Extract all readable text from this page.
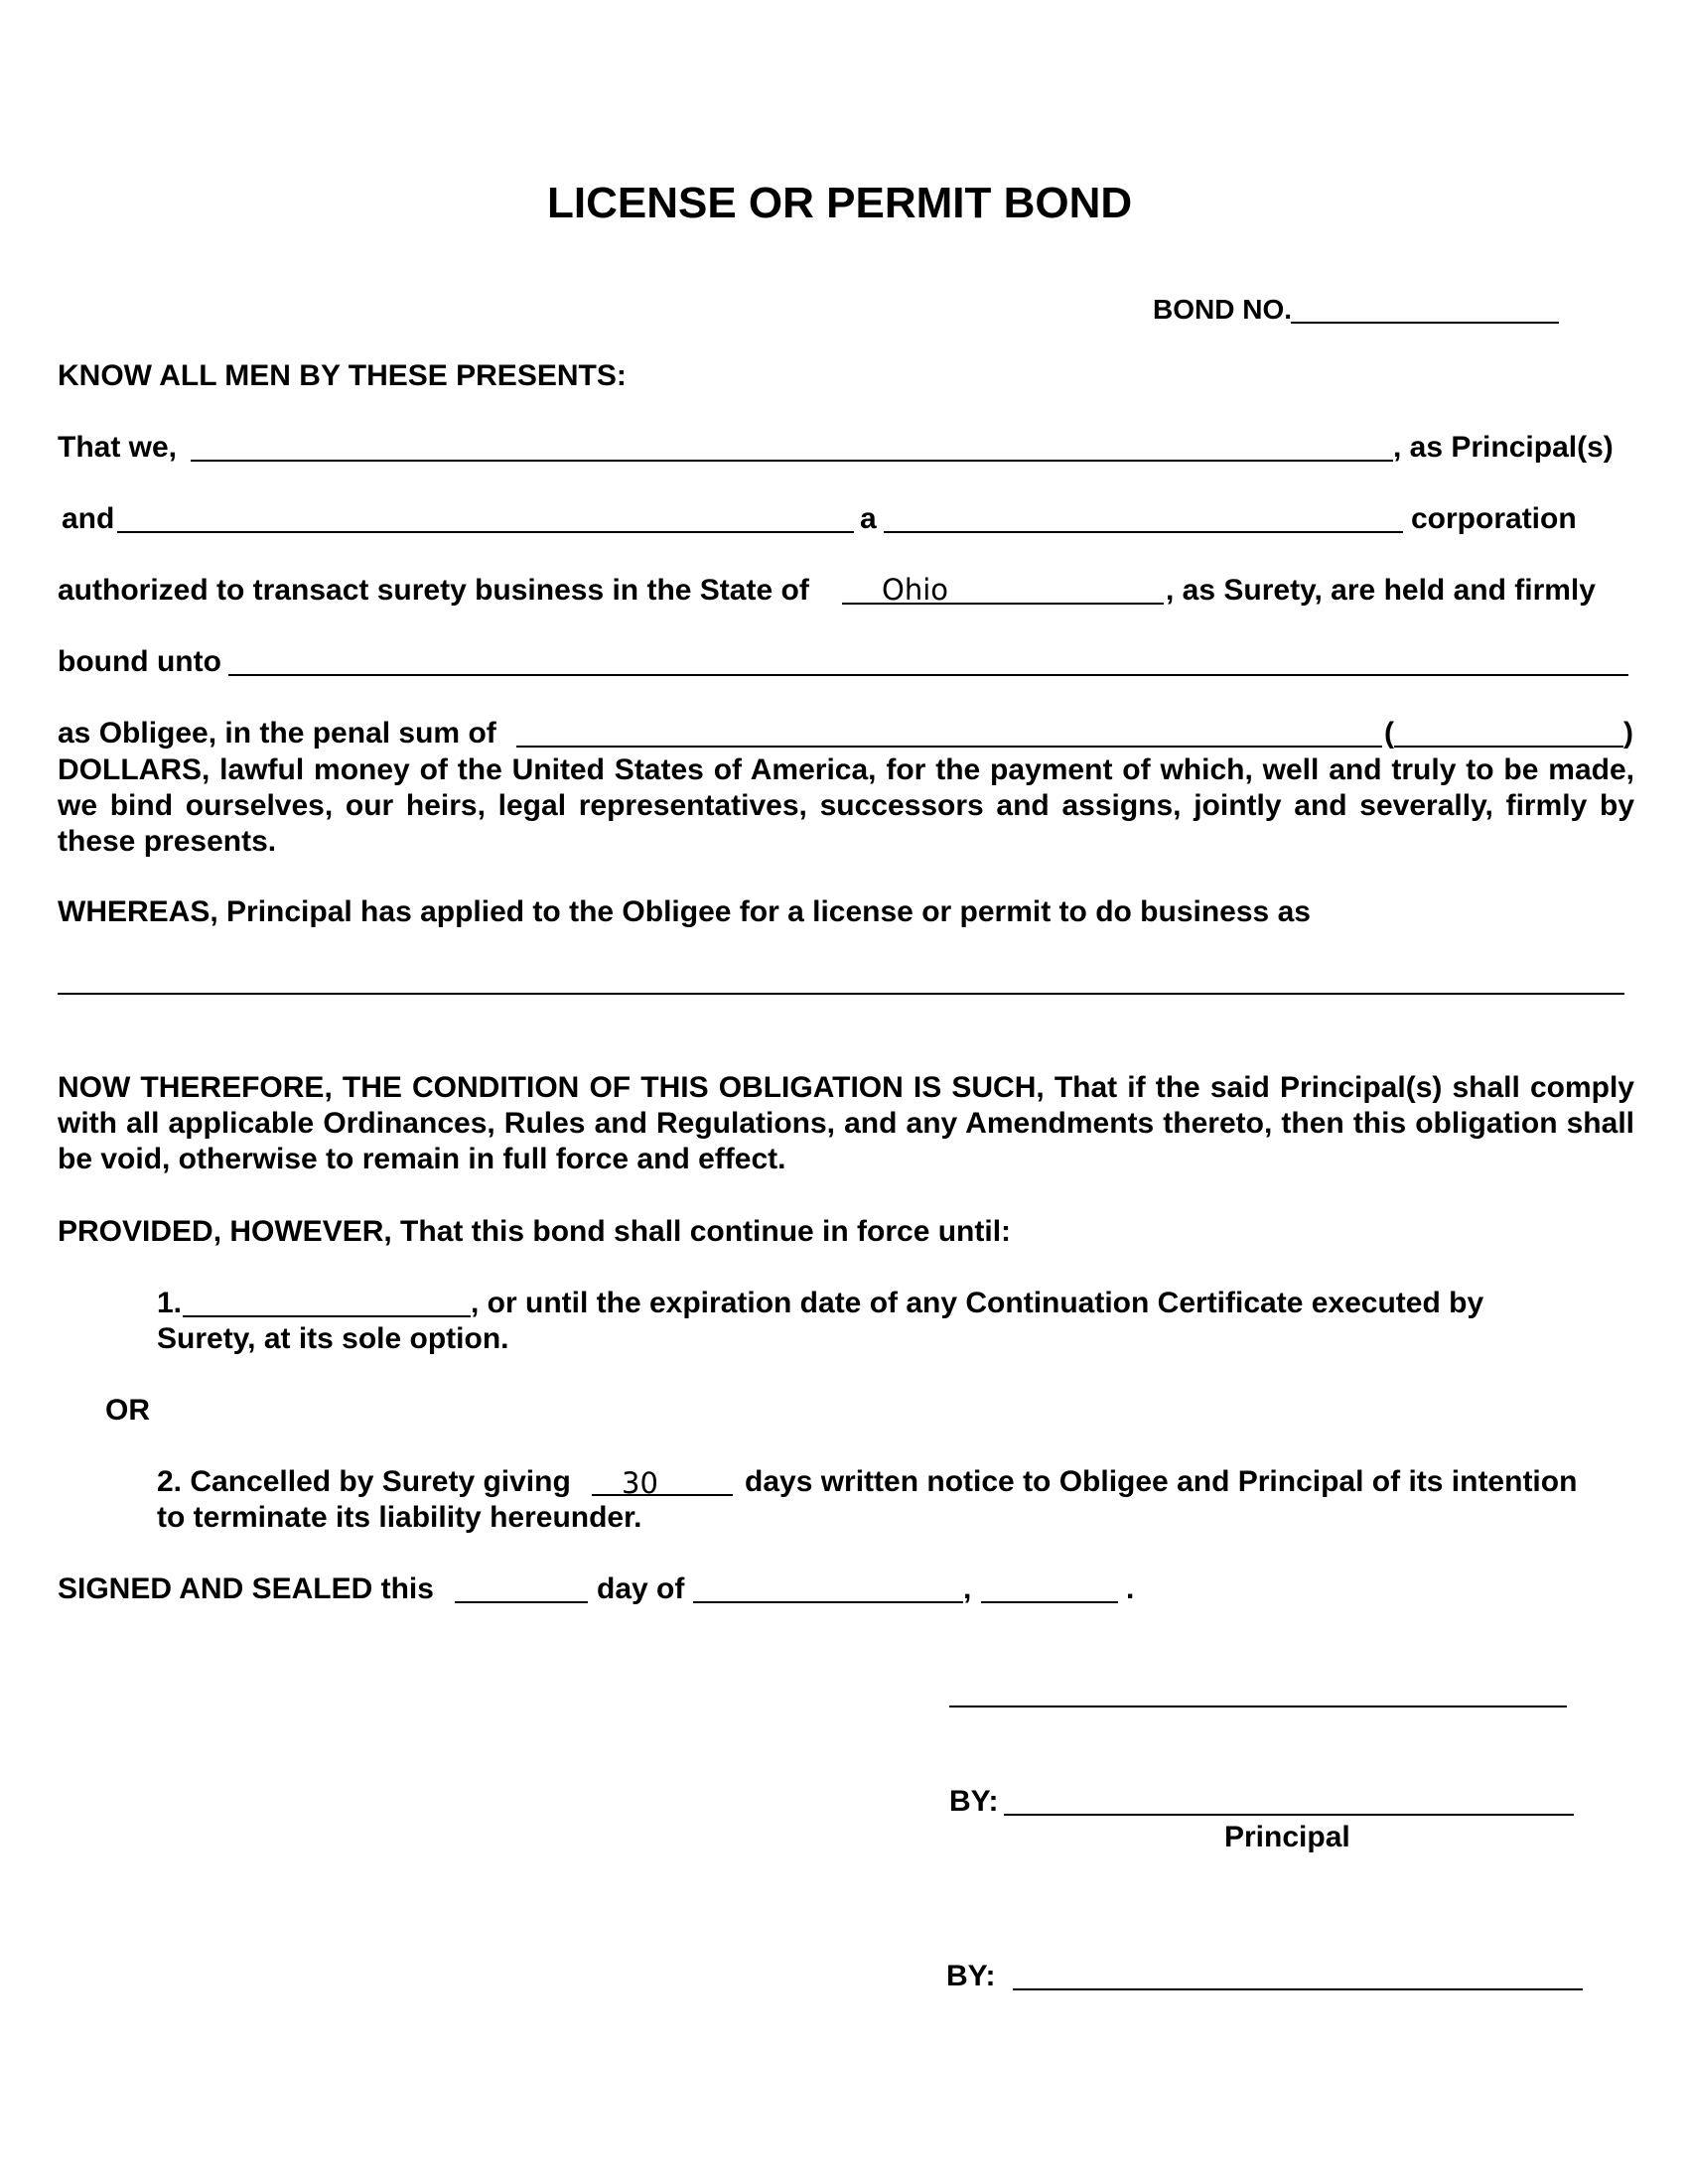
LICENSE OR PERMIT BOND
BOND NO.
KNOW ALL MEN BY THESE PRESENTS:
That we,	, as Principal(s)
and	a	corporation
authorized to transact surety business in the State of	Ohio	, as Surety, are held and firmly
bound unto
as Obligee, in the penal sum of	(	)
DOLLARS, lawful money of the United States of America, for the payment of which, well and truly to be made, we bind ourselves, our heirs, legal representatives, successors and assigns, jointly and severally, firmly by these presents.
WHEREAS, Principal has applied to the Obligee for a license or permit to do business as
NOW THEREFORE, THE CONDITION OF THIS OBLIGATION IS SUCH, That if the said Principal(s) shall comply with all applicable Ordinances, Rules and Regulations, and any Amendments thereto, then this obligation shall be void, otherwise to remain in full force and effect.
PROVIDED, HOWEVER, That this bond shall continue in force until:
1.	, or until the expiration date of any Continuation Certificate executed by
Surety, at its sole option.
OR
2. Cancelled by Surety giving 30	days written notice to Obligee and Principal of its intention
to terminate its liability hereunder.
SIGNED AND SEALED this	day of	,	.
BY:
Principal
BY:
